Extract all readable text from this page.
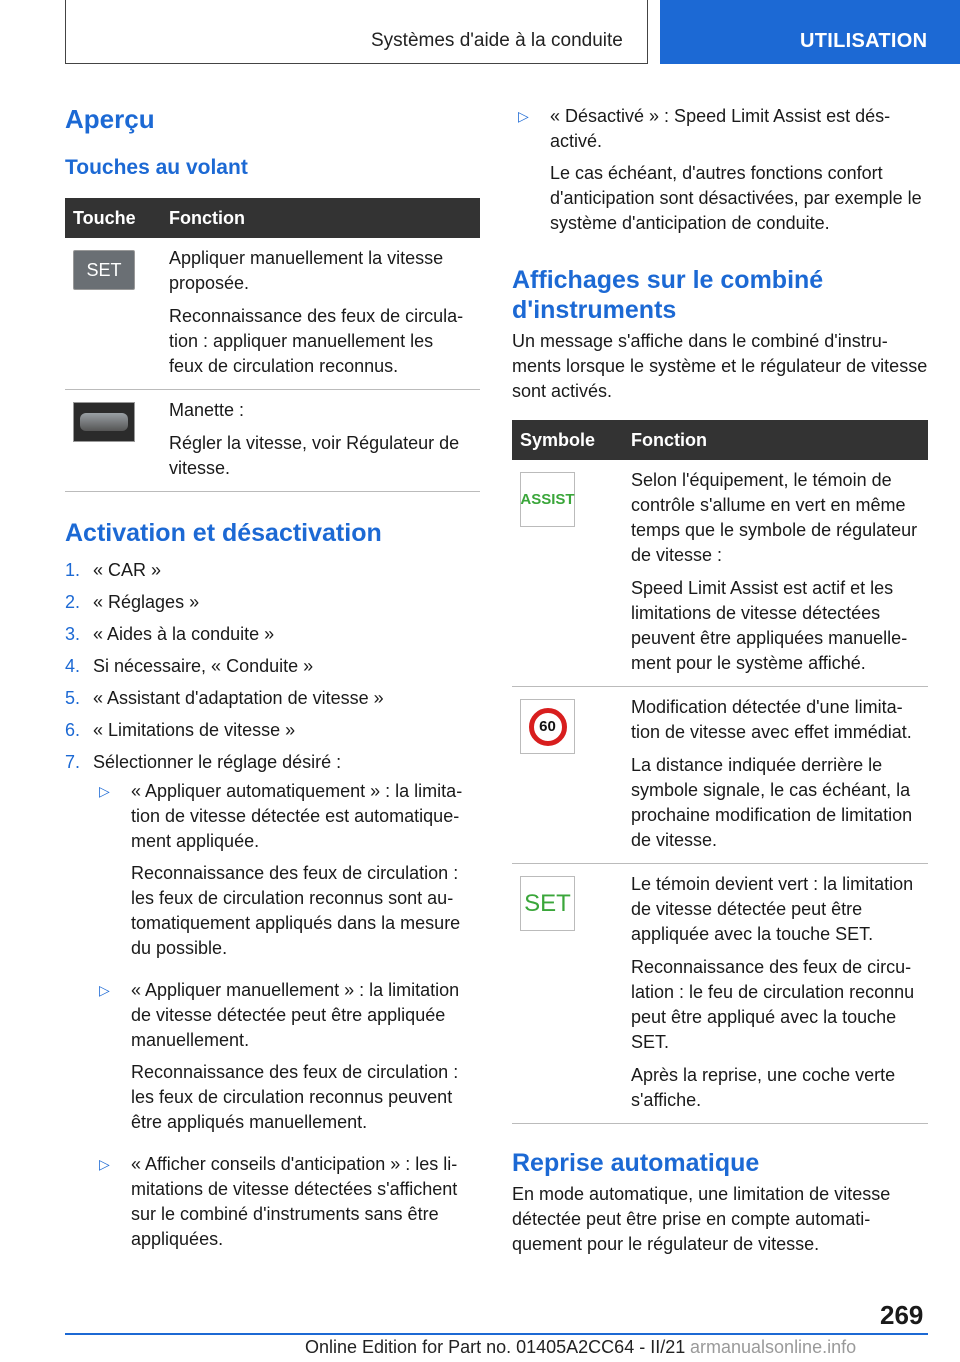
Systèmes d'aide à la conduite	UTILISATION
Aperçu
Touches au volant
Touche	Fonction

SET	Appliquer manuellement la vitesse proposée.

Reconnaissance des feux de circulation : appliquer manuellement les feux de circulation reconnus.

	Manette :

Régler la vitesse, voir Régulateur de vitesse.

Activation et désactivation
1. « CAR »
2. « Réglages »
3. « Aides à la conduite »
4. Si nécessaire, « Conduite »
5. « Assistant d'adaptation de vitesse »
6. « Limitations de vitesse »
7. Sélectionner le réglage désiré :
▷	« Appliquer automatiquement » : la limitation de vitesse détectée est automatiquement appliquée.

Reconnaissance des feux de circulation : les feux de circulation reconnus sont automatiquement appliqués dans la mesure du possible.

▷	« Appliquer manuellement » : la limitation de vitesse détectée peut être appliquée manuellement.

Reconnaissance des feux de circulation : les feux de circulation reconnus peuvent être appliqués manuellement.

▷	« Afficher conseils d'anticipation » : les limitations de vitesse détectées s'affichent sur le combiné d'instruments sans être appliquées.

▷	« Désactivé » : Speed Limit Assist est désactivé.

Le cas échéant, d'autres fonctions confort d'anticipation sont désactivées, par exemple le système d'anticipation de conduite.

Affichages sur le combiné d'instruments

Un message s'affiche dans le combiné d'instruments lorsque le système et le régulateur de vitesse sont activés.

Symbole	Fonction

ASSIST	Selon l'équipement, le témoin de contrôle s'allume en vert en même temps que le symbole de régulateur de vitesse :

Speed Limit Assist est actif et les limitations de vitesse détectées peuvent être appliquées manuellement pour le système affiché.

60	Modification détectée d'une limitation de vitesse avec effet immédiat.

La distance indiquée derrière le symbole signale, le cas échéant, la prochaine modification de limitation de vitesse.

SET	Le témoin devient vert : la limitation de vitesse détectée peut être appliquée avec la touche SET.

Reconnaissance des feux de circulation : le feu de circulation reconnu peut être appliqué avec la touche SET.

Après la reprise, une coche verte s'affiche.

Reprise automatique

En mode automatique, une limitation de vitesse détectée peut être prise en compte automatiquement pour le régulateur de vitesse.

269
Online Edition for Part no. 01405A2CC64 - II/21 armanualsonline.info
